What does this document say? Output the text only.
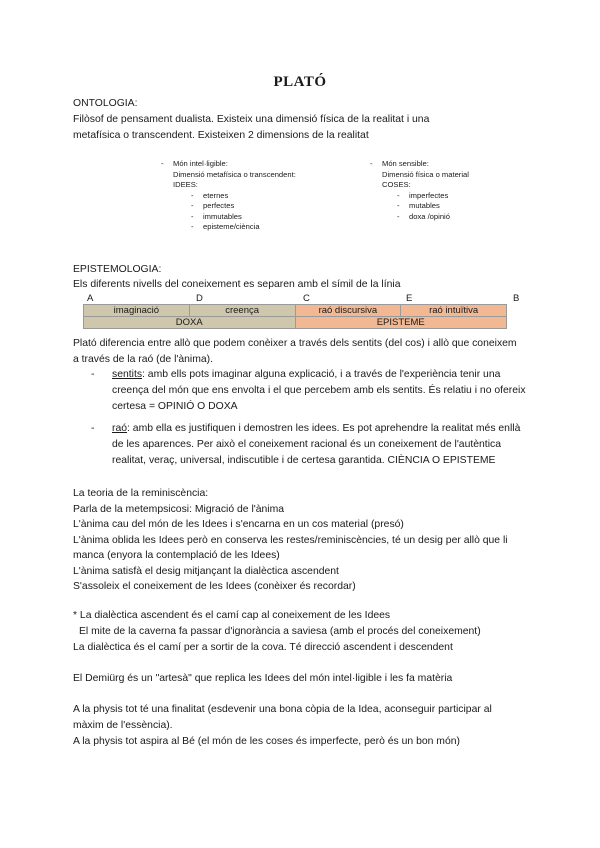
PLATÓ
ONTOLOGIA:
Filòsof de pensament dualista. Existeix una dimensió física de la realitat i una
metafísica o transcendent. Existeixen 2 dimensions de la realitat
- Món intel·ligible:
Dimensió metafísica o transcendent:
IDEES:
- eternes
- perfectes
- immutables
- episteme/ciència
- Món sensible:
Dimensió física o material
COSES:
- imperfectes
- mutables
- doxa /opinió
EPISTEMOLOGIA:
Els diferents nivells del coneixement es separen amb el símil de la línia
A	D	C	E	B
imaginació	creença	raó discursiva	raó intuïtiva
DOXA		EPISTEME	
Plató diferencia entre allò que podem conèixer a través dels sentits (del cos) i allò que coneixem
a través de la raó (de l'ànima).
- sentits: amb ells pots imaginar alguna explicació, i a través de l'experiència tenir una
creença del món que ens envolta i el que percebem amb els sentits. És relatiu i no ofereix
certesa = OPINIÓ O DOXA
- raó: amb ella es justifiquen i demostren les idees. Es pot aprehendre la realitat més enllà
de les aparences. Per això el coneixement racional és un coneixement de l'autèntica
realitat, veraç, universal, indiscutible i de certesa garantida. CIÈNCIA O EPISTEME
La teoria de la reminiscència:
Parla de la metempsicosi: Migració de l'ànima
L'ànima cau del món de les Idees i s'encarna en un cos material (presó)
L'ànima oblida les Idees però en conserva les restes/reminiscències, té un desig per allò que li
manca (enyora la contemplació de les Idees)
L'ànima satisfà el desig mitjançant la dialèctica ascendent
S'assoleix el coneixement de les Idees (conèixer és recordar)
* La dialèctica ascendent és el camí cap al coneixement de les Idees
El mite de la caverna fa passar d'ignorància a saviesa (amb el procés del coneixement)
La dialèctica és el camí per a sortir de la cova. Té direcció ascendent i descendent
El Demiürg és un "artesà" que replica les Idees del món intel·ligible i les fa matèria
A la physis tot té una finalitat (esdevenir una bona còpia de la Idea, aconseguir participar al
màxim de l'essència).
A la physis tot aspira al Bé (el món de les coses és imperfecte, però és un bon món)
